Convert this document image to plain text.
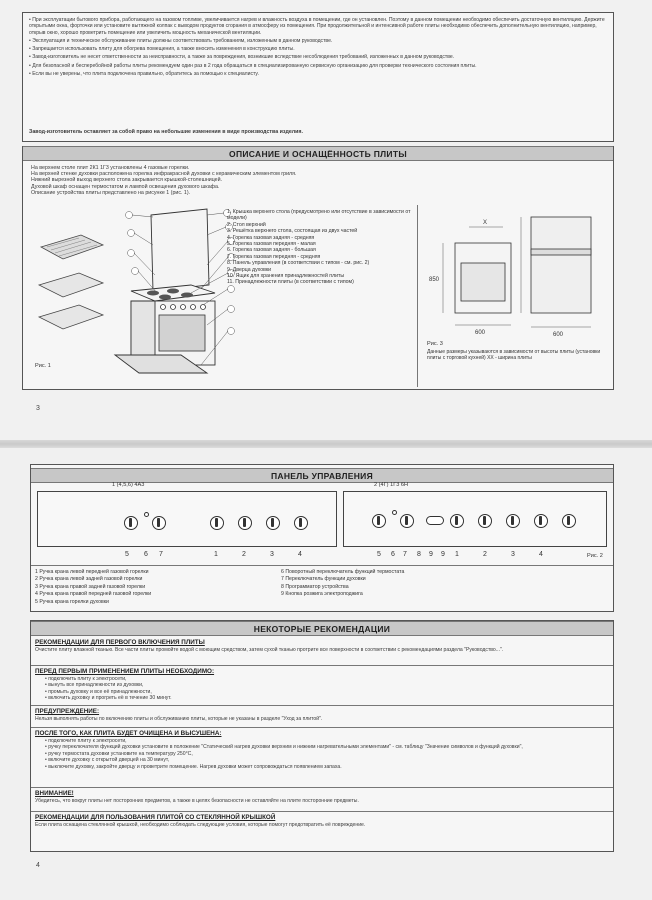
• При эксплуатации бытового прибора, работающего на газовом топливе, увеличивается нагрев и влажность воздуха в помещении, где он установлен. Поэтому в данном помещении необходимо обеспечить достаточную вентиляцию. Держите открытыми окна, форточки или установите вытяжной колпак с выводом продуктов сгорания в атмосферу из помещения. При продолжительной и интенсивной работе плиты необходимо обеспечить дополнительную вентиляцию, например, открыв окно, хорошо проветрить помещение или увеличить мощность механической вентиляции.
• Эксплуатация и техническое обслуживание плиты должны соответствовать требованиям, изложенным в данном руководстве.
• Запрещается использовать плиту для обогрева помещения, а также вносить изменения в конструкцию плиты.
• Завод-изготовитель не несет ответственности за неисправности, а также за повреждения, возникшие вследствие несоблюдения требований, изложенных в данном руководстве.
• Для безопасной и бесперебойной работы плиты рекомендуем один раз в 2 года обращаться в специализированную сервисную организацию для проверки технического состояния плиты.
• Если вы не уверены, что плита подключена правильно, обратитесь за помощью к специалисту.
Завод-изготовитель оставляет за собой право на небольшие изменения в виде производства изделия.
ОПИСАНИЕ И ОСНАЩЁННОСТЬ ПЛИТЫ
На верхнем столе плит 2К1 1Г3 установлены 4 газовые горелки.
На верхней стенке духовки расположена горелка инфракрасной духовки с керамическим элементом гриля.
Нижний вырезной выход верхнего стола закрывается крышкой-столешницей.
Духовой шкаф оснащен термостатом и лампой освещения духового шкафа.
Описание устройства плиты представлено на рисунке 1 (рис. 1).
Рис. 1
1. Крышка верхнего стола (предусмотрено или отсутствие в зависимости от модели)
2. Стол верхний
3. Решётка верхнего стола, состоящая из двух частей
4. Горелка газовая задняя - средняя
5. Горелка газовая передняя - малая
6. Горелка газовая задняя - большая
7. Горелка газовая передняя - средняя
8. Панель управления (в соответствии с типом - см. рис. 2)
9. Дверца духовки
10. Ящик для хранения принадлежностей плиты
11. Принадлежности плиты (в соответствии с типом)	850
600	600
X
Рис. 3
Данные размеры указываются в зависимости от высоты плиты (установки плиты с торговой кухней) XX - ширина плиты
3
ПАНЕЛЬ УПРАВЛЕНИЯ
1 (4,5,6) 4А3
5 6 7	1	2	3	4
2 (4Г) 1Г3 6Н
5 6 7 8 9 9 1	2	3	4	Рис. 2
1 Ручка крана левой передней газовой горелки
2 Ручка крана левой задней газовой горелки
3 Ручка крана правой задней газовой горелки
4 Ручка крана правой передней газовой горелки
5 Ручка крана горелки духовки
6 Поворотный переключатель функций термостата
7 Переключатель функции духовки
8 Программатор устройства
9 Кнопка розжига электроподжига
НЕКОТОРЫЕ РЕКОМЕНДАЦИИ
РЕКОМЕНДАЦИИ ДЛЯ ПЕРВОГО ВКЛЮЧЕНИЯ ПЛИТЫ
Очистите плиту влажной тканью. Все части плиты промойте водой с моющим средством, затем сухой тканью протрите все поверхности в соответствии с рекомендациями раздела "Руководство...".
ПЕРЕД ПЕРВЫМ ПРИМЕНЕНИЕМ ПЛИТЫ НЕОБХОДИМО:
• подключить плиту к электросети,
• вынуть все принадлежности из духовки,
• промыть духовку и все её принадлежности,
• включить духовку и прогреть её в течение 30 минут.
ПРЕДУПРЕЖДЕНИЕ:
Нельзя выполнять работы по включению плиты и обслуживанию плиты, которые не указаны в разделе "Уход за плитой".
ПОСЛЕ ТОГО, КАК ПЛИТА БУДЕТ ОЧИЩЕНА И ВЫСУШЕНА:
• подключите плиту к электросети,
• ручку переключателя функций духовки установите в положение "Статический нагрев духовки верхним и нижним нагревательными элементами" - см. таблицу "Значение символов и функций духовки",
• ручку термостата духовки установите на температуру 250°С,
• включите духовку с открытой дверцей на 30 минут,
• выключите духовку, закройте дверцу и проветрите помещение. Нагрев духовки может сопровождаться появлением запаха.
ВНИМАНИЕ!
Убедитесь, что вокруг плиты нет посторонних предметов, а также в целях безопасности не оставляйте на плите посторонние предметы.
РЕКОМЕНДАЦИИ ДЛЯ ПОЛЬЗОВАНИЯ ПЛИТОЙ СО СТЕКЛЯННОЙ КРЫШКОЙ
Если плита оснащена стеклянной крышкой, необходимо соблюдать следующие условия, которые помогут предотвратить её повреждение.
4
